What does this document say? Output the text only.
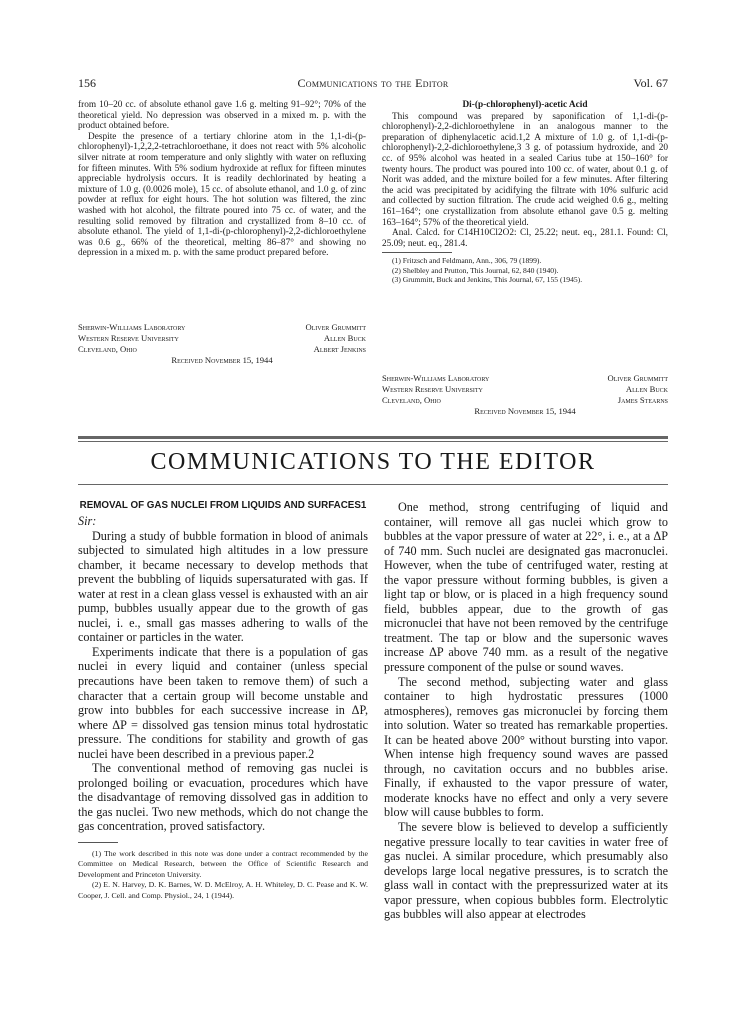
156	Communications to the Editor	Vol. 67

from 10–20 cc. of absolute ethanol gave 1.6 g. melting 91–92°; 70% of the theoretical yield. No depression was observed in a mixed m. p. with the product obtained before.

Despite the presence of a tertiary chlorine atom in the 1,1-di-(p-chlorophenyl)-1,2,2,2-tetrachloroethane, it does not react with 5% alcoholic silver nitrate at room temperature and only slightly with water on refluxing for fifteen minutes. With 5% sodium hydroxide at reflux for fifteen minutes appreciable hydrolysis occurs. It is readily dechlorinated by heating a mixture of 1.0 g. (0.0026 mole), 15 cc. of absolute ethanol, and 1.0 g. of zinc powder at reflux for eight hours. The hot solution was filtered, the zinc washed with hot alcohol, the filtrate poured into 75 cc. of water, and the resulting solid removed by filtration and crystallized from 8–10 cc. of absolute ethanol. The yield of 1,1-di-(p-chlorophenyl)-2,2-dichloroethylene was 0.6 g., 66% of the theoretical, melting 86–87° and showing no depression in a mixed m. p. with the same product prepared before.

Sherwin-Williams Laboratory	Oliver Grummitt
Western Reserve University	Allen Buck
Cleveland, Ohio	Albert Jenkins
Received November 15, 1944
Di-(p-chlorophenyl)-acetic Acid

This compound was prepared by saponification of 1,1-di-(p-chlorophenyl)-2,2-dichloroethylene in an analogous manner to the preparation of diphenylacetic acid.1,2 A mixture of 1.0 g. of 1,1-di-(p-chlorophenyl)-2,2-dichloroethylene,3 3 g. of potassium hydroxide, and 20 cc. of 95% alcohol was heated in a sealed Carius tube at 150–160° for twenty hours. The product was poured into 100 cc. of water, about 0.1 g. of Norit was added, and the mixture boiled for a few minutes. After filtering the acid was precipitated by acidifying the filtrate with 10% sulfuric acid and collected by suction filtration. The crude acid weighed 0.6 g., melting 161–164°; one crystallization from absolute ethanol gave 0.5 g. melting 163–164°; 57% of the theoretical yield.

Anal. Calcd. for C14H10Cl2O2: Cl, 25.22; neut. eq., 281.1. Found: Cl, 25.09; neut. eq., 281.4.

(1) Fritzsch and Feldmann, Ann., 306, 79 (1899).

(2) Shelbley and Prutton, This Journal, 62, 840 (1940).

(3) Grummitt, Buck and Jenkins, This Journal, 67, 155 (1945).

Sherwin-Williams Laboratory	Oliver Grummitt
Western Reserve University	Allen Buck
Cleveland, Ohio	James Stearns
Received November 15, 1944
COMMUNICATIONS TO THE EDITOR
REMOVAL OF GAS NUCLEI FROM LIQUIDS AND SURFACES1

Sir:

During a study of bubble formation in blood of animals subjected to simulated high altitudes in a low pressure chamber, it became necessary to develop methods that prevent the bubbling of liquids supersaturated with gas. If water at rest in a clean glass vessel is exhausted with an air pump, bubbles usually appear due to the growth of gas nuclei, i. e., small gas masses adhering to walls of the container or particles in the water.

Experiments indicate that there is a population of gas nuclei in every liquid and container (unless special precautions have been taken to remove them) of such a character that a certain group will become unstable and grow into bubbles for each successive increase in ΔP, where ΔP = dissolved gas tension minus total hydrostatic pressure. The conditions for stability and growth of gas nuclei have been described in a previous paper.2

The conventional method of removing gas nuclei is prolonged boiling or evacuation, procedures which have the disadvantage of removing dissolved gas in addition to the gas nuclei. Two new methods, which do not change the gas concentration, proved satisfactory.

(1) The work described in this note was done under a contract recommended by the Committee on Medical Research, between the Office of Scientific Research and Development and Princeton University.

(2) E. N. Harvey, D. K. Barnes, W. D. McElroy, A. H. Whiteley, D. C. Pease and K. W. Cooper, J. Cell. and Comp. Physiol., 24, 1 (1944).

One method, strong centrifuging of liquid and container, will remove all gas nuclei which grow to bubbles at the vapor pressure of water at 22°, i. e., at a ΔP of 740 mm. Such nuclei are designated gas macronuclei. However, when the tube of centrifuged water, resting at the vapor pressure without forming bubbles, is given a light tap or blow, or is placed in a high frequency sound field, bubbles appear, due to the growth of gas micronuclei that have not been removed by the centrifuge treatment. The tap or blow and the supersonic waves increase ΔP above 740 mm. as a result of the negative pressure component of the pulse or sound waves.

The second method, subjecting water and glass container to high hydrostatic pressures (1000 atmospheres), removes gas micronuclei by forcing them into solution. Water so treated has remarkable properties. It can be heated above 200° without bursting into vapor. When intense high frequency sound waves are passed through, no cavitation occurs and no bubbles arise. Finally, if exhausted to the vapor pressure of water, moderate knocks have no effect and only a very severe blow will cause bubbles to form.

The severe blow is believed to develop a sufficiently negative pressure locally to tear cavities in water free of gas nuclei. A similar procedure, which presumably also develops large local negative pressures, is to scratch the glass wall in contact with the prepressurized water at its vapor pressure, when copious bubbles form. Electrolytic gas bubbles will also appear at electrodes
